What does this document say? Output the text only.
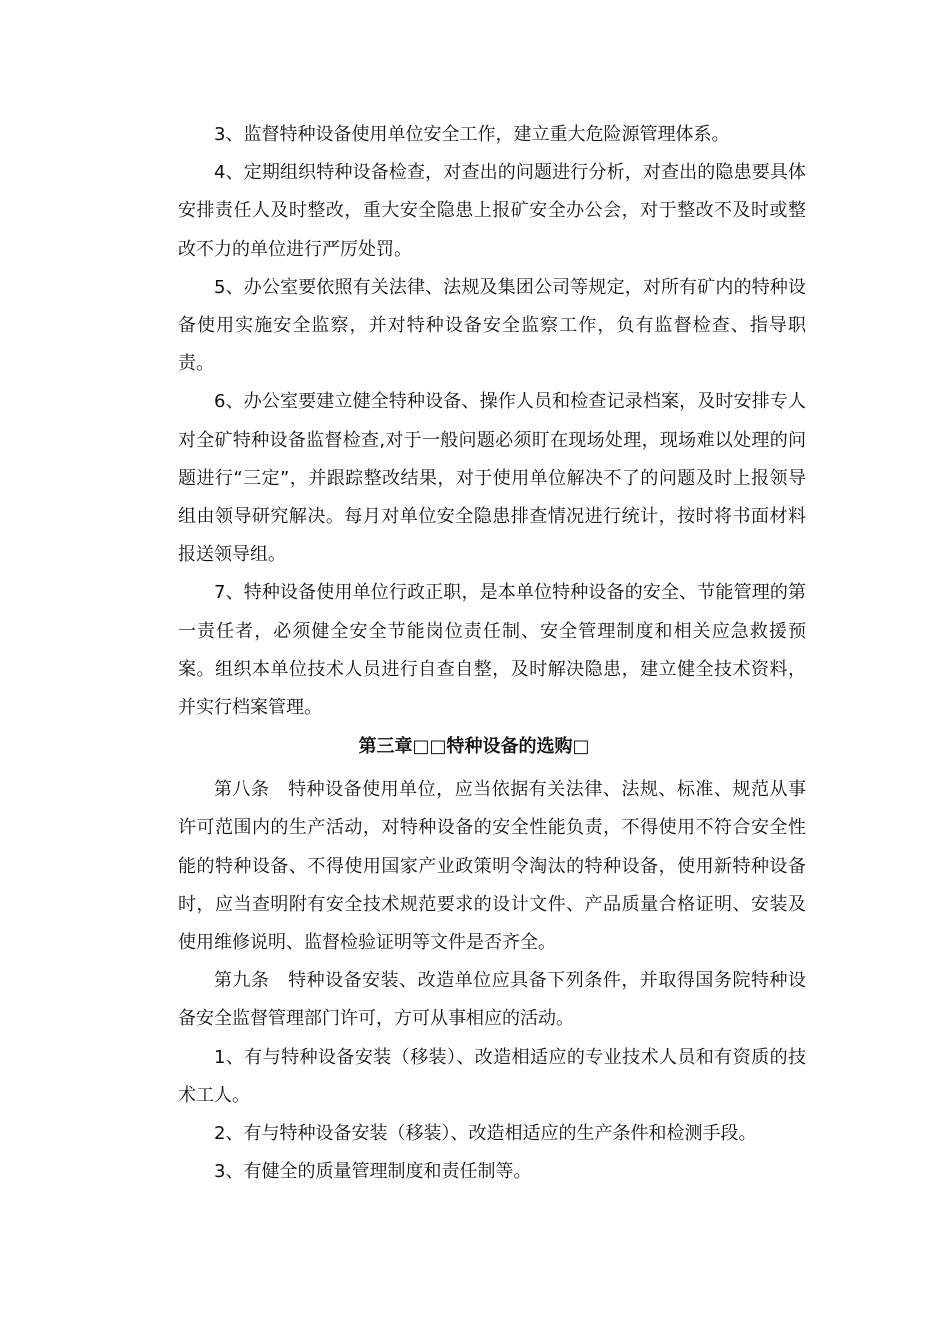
3、监督特种设备使用单位安全工作，建立重大危险源管理体系。

4、定期组织特种设备检查，对查出的问题进行分析，对查出的隐患要具体安排责任人及时整改，重大安全隐患上报矿安全办公会，对于整改不及时或整改不力的单位进行严厉处罚。

5、办公室要依照有关法律、法规及集团公司等规定，对所有矿内的特种设备使用实施安全监察，并对特种设备安全监察工作，负有监督检查、指导职责。

6、办公室要建立健全特种设备、操作人员和检查记录档案，及时安排专人对全矿特种设备监督检查,对于一般问题必须盯在现场处理，现场难以处理的问题进行“三定”，并跟踪整改结果，对于使用单位解决不了的问题及时上报领导组由领导研究解决。每月对单位安全隐患排查情况进行统计，按时将书面材料报送领导组。

7、特种设备使用单位行政正职，是本单位特种设备的安全、节能管理的第一责任者，必须健全安全节能岗位责任制、安全管理制度和相关应急救援预案。组织本单位技术人员进行自查自整，及时解决隐患，建立健全技术资料，并实行档案管理。

第三章□□特种设备的选购□

第八条　特种设备使用单位，应当依据有关法律、法规、标准、规范从事许可范围内的生产活动，对特种设备的安全性能负责，不得使用不符合安全性能的特种设备、不得使用国家产业政策明令淘汰的特种设备，使用新特种设备时，应当查明附有安全技术规范要求的设计文件、产品质量合格证明、安装及使用维修说明、监督检验证明等文件是否齐全。

第九条　特种设备安装、改造单位应具备下列条件，并取得国务院特种设备安全监督管理部门许可，方可从事相应的活动。

1、有与特种设备安装（移装）、改造相适应的专业技术人员和有资质的技术工人。

2、有与特种设备安装（移装）、改造相适应的生产条件和检测手段。

3、有健全的质量管理制度和责任制等。
